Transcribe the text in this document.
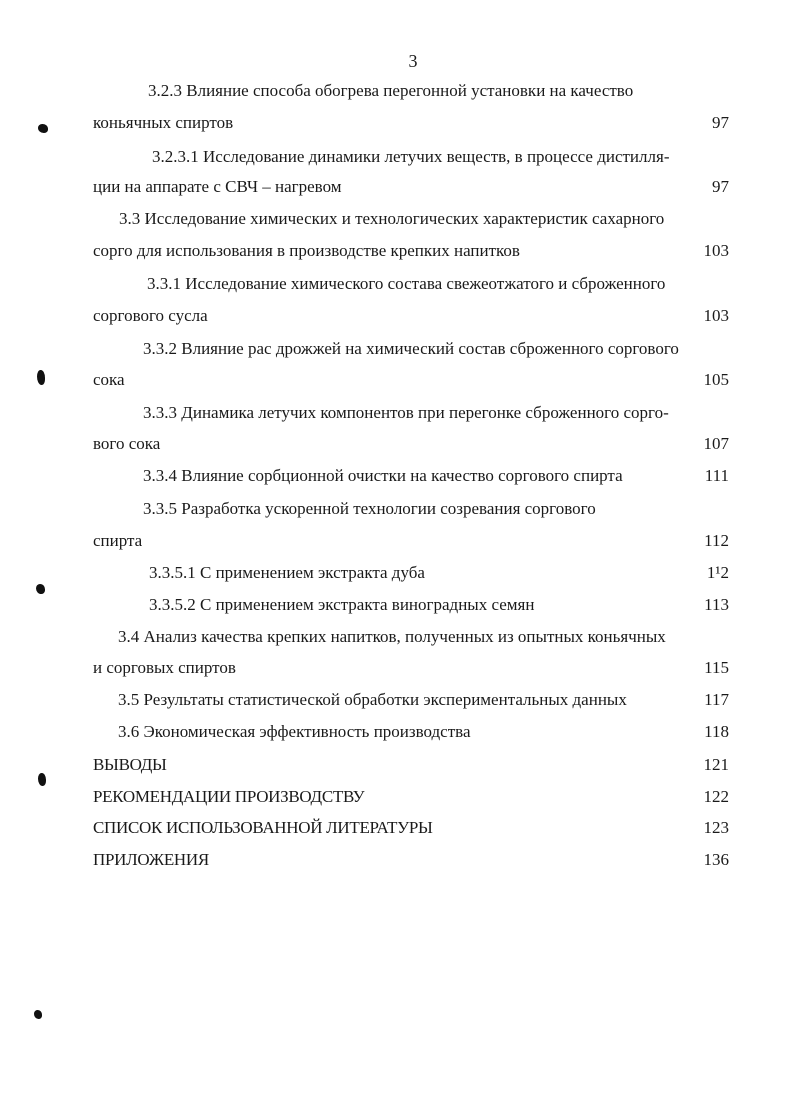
3
3.2.3 Влияние способа обогрева перегонной установки на качество
коньячных спиртов	97
3.2.3.1 Исследование динамики летучих веществ, в процессе дистилля-
ции на аппарате с СВЧ – нагревом	97
3.3 Исследование химических и технологических характеристик сахарного
сорго для использования в производстве крепких напитков	103
3.3.1 Исследование химического состава свежеотжатого и сброженного
соргового сусла	103
3.3.2 Влияние рас дрожжей на химический состав сброженного соргового
сока	105
3.3.3 Динамика летучих компонентов при перегонке сброженного сорго-
вого сока	107
3.3.4 Влияние сорбционной очистки на качество соргового спирта	111
3.3.5 Разработка ускоренной технологии созревания соргового
спирта	112
3.3.5.1 С применением экстракта дуба	1¹2
3.3.5.2 С применением экстракта виноградных семян	113
3.4 Анализ качества крепких напитков, полученных из опытных коньячных
и сорговых спиртов	115
3.5 Результаты статистической обработки экспериментальных данных	117
3.6 Экономическая эффективность производства	118
ВЫВОДЫ	121
РЕКОМЕНДАЦИИ ПРОИЗВОДСТВУ	122
СПИСОК ИСПОЛЬЗОВАННОЙ ЛИТЕРАТУРЫ	123
ПРИЛОЖЕНИЯ	136
